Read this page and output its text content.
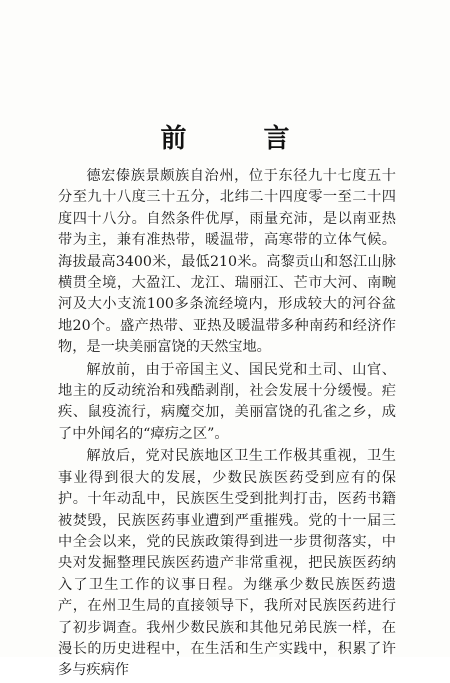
前 言

德宏傣族景颇族自治州，位于东径九十七度五十分至九十八度三十五分，北纬二十四度零一至二十四度四十八分。自然条件优厚，雨量充沛，是以南亚热带为主，兼有准热带，暖温带，高寒带的立体气候。海拔最高3400米，最低210米。高黎贡山和怒江山脉横贯全境，大盈江、龙江、瑞丽江、芒市大河、南畹河及大小支流100多条流经境内，形成较大的河谷盆地20个。盛产热带、亚热及暖温带多种南药和经济作物，是一块美丽富饶的天然宝地。

解放前，由于帝国主义、国民党和土司、山官、地主的反动统治和残酷剥削，社会发展十分缓慢。疟疾、鼠疫流行，病魔交加，美丽富饶的孔雀之乡，成了中外闻名的“瘴疠之区”。

解放后，党对民族地区卫生工作极其重视，卫生事业得到很大的发展，少数民族医药受到应有的保护。十年动乱中，民族医生受到批判打击，医药书籍被焚毁，民族医药事业遭到严重摧残。党的十一届三中全会以来，党的民族政策得到进一步贯彻落实，中央对发掘整理民族医药遗产非常重视，把民族医药纳入了卫生工作的议事日程。为继承少数民族医药遗产，在州卫生局的直接领导下，我所对民族医药进行了初步调查。我州少数民族和其他兄弟民族一样，在漫长的历史进程中，在生活和生产实践中，积累了许多与疾病作
